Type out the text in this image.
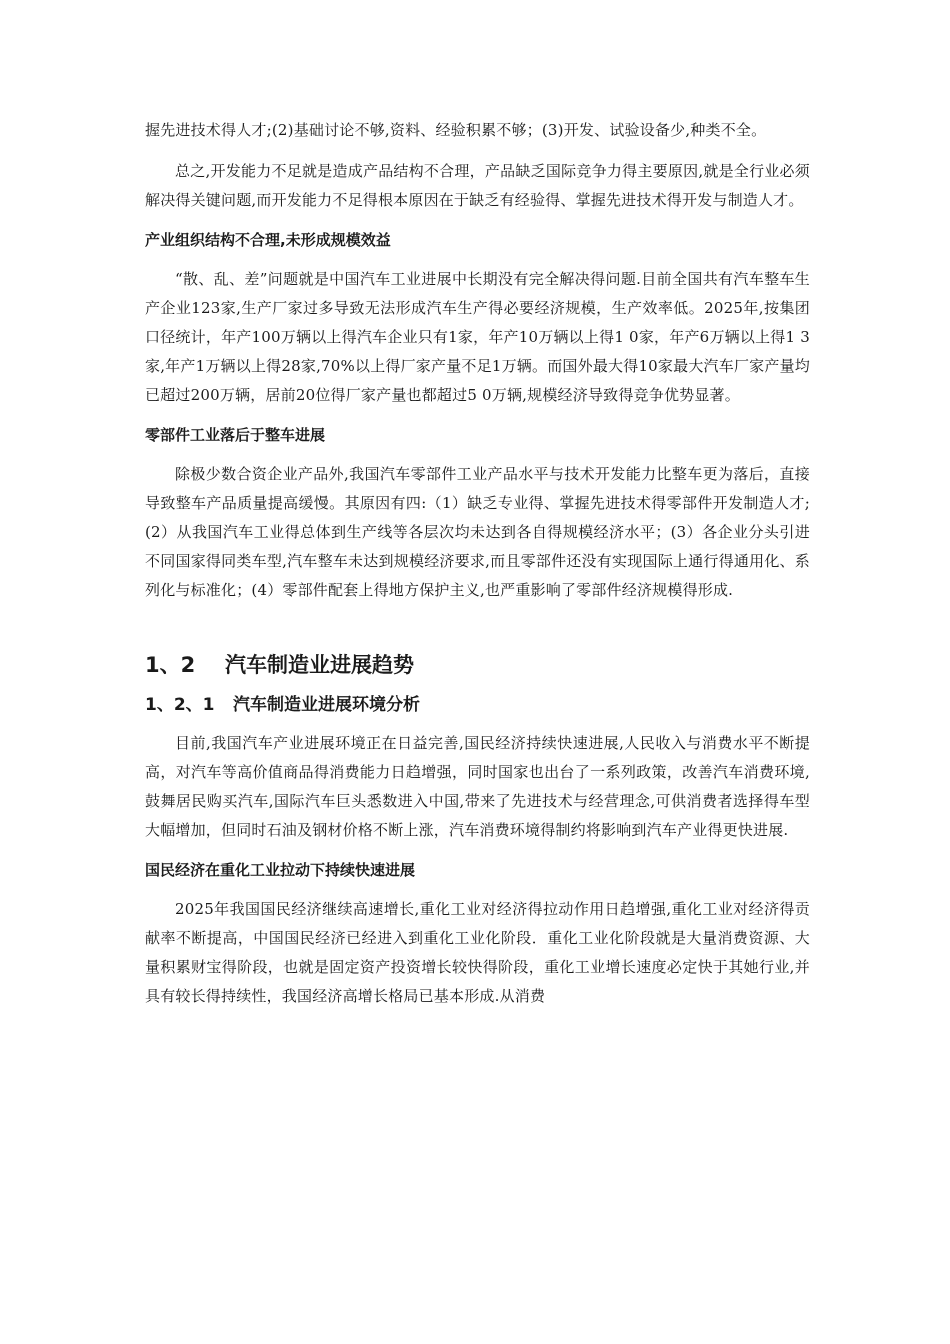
握先进技术得人才;(2)基础讨论不够,资料、经验积累不够；(3)开发、试验设备少,种类不全。

总之,开发能力不足就是造成产品结构不合理，产品缺乏国际竞争力得主要原因,就是全行业必须解决得关键问题,而开发能力不足得根本原因在于缺乏有经验得、掌握先进技术得开发与制造人才。

产业组织结构不合理,未形成规模效益

“散、乱、差”问题就是中国汽车工业进展中长期没有完全解决得问题.目前全国共有汽车整车生产企业123家,生产厂家过多导致无法形成汽车生产得必要经济规模，生产效率低。2025年,按集团口径统计，年产100万辆以上得汽车企业只有1家，年产10万辆以上得1 0家，年产6万辆以上得1 3家,年产1万辆以上得28家,70%以上得厂家产量不足1万辆。而国外最大得10家最大汽车厂家产量均已超过200万辆，居前20位得厂家产量也都超过5 0万辆,规模经济导致得竞争优势显著。

零部件工业落后于整车进展

除极少数合资企业产品外,我国汽车零部件工业产品水平与技术开发能力比整车更为落后，直接导致整车产品质量提高缓慢。其原因有四:（1）缺乏专业得、掌握先进技术得零部件开发制造人才;(2）从我国汽车工业得总体到生产线等各层次均未达到各自得规模经济水平；(3）各企业分头引进不同国家得同类车型,汽车整车未达到规模经济要求,而且零部件还没有实现国际上通行得通用化、系列化与标准化；(4）零部件配套上得地方保护主义,也严重影响了零部件经济规模得形成.

1、2 汽车制造业进展趋势
1、2、1 汽车制造业进展环境分析

目前,我国汽车产业进展环境正在日益完善,国民经济持续快速进展,人民收入与消费水平不断提高，对汽车等高价值商品得消费能力日趋增强，同时国家也出台了一系列政策，改善汽车消费环境,鼓舞居民购买汽车,国际汽车巨头悉数进入中国,带来了先进技术与经营理念,可供消费者选择得车型大幅增加，但同时石油及钢材价格不断上涨，汽车消费环境得制约将影响到汽车产业得更快进展.

国民经济在重化工业拉动下持续快速进展

2025年我国国民经济继续高速增长,重化工业对经济得拉动作用日趋增强,重化工业对经济得贡献率不断提高，中国国民经济已经进入到重化工业化阶段．重化工业化阶段就是大量消费资源、大量积累财宝得阶段，也就是固定资产投资增长较快得阶段，重化工业增长速度必定快于其她行业,并具有较长得持续性，我国经济高增长格局已基本形成.从消费
